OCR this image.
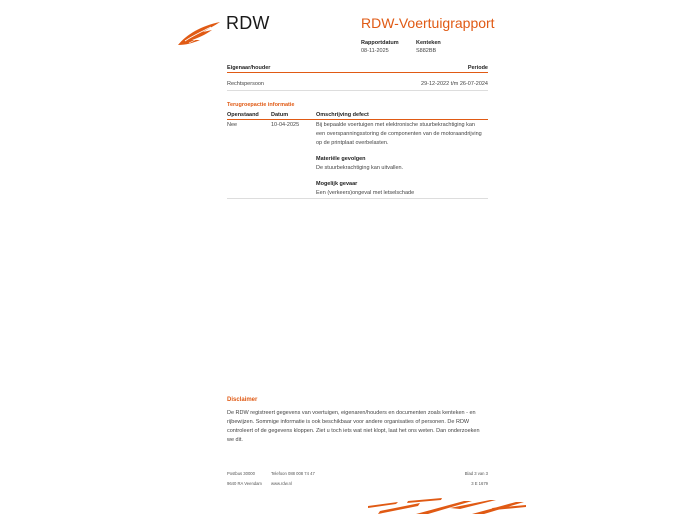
RDW	RDW-Voertuigrapport
Rapportdatum
08-11-2025
Kenteken
S882BB
Eigenaar/houder	Periode
Rechtspersoon	29-12-2022 t/m 26-07-2024
Terugroepactie informatie
Openstaand Datum	Omschrijving defect
Nee	10-04-2025	Bij bepaalde voertuigen met elektronische stuurbekrachtiging kan
een overspanningsstoring de componenten van de motoraandrijving
op de printplaat overbelasten.
Materiële gevolgen
De stuurbekrachtiging kan uitvallen.
Mogelijk gevaar
Een (verkeers)ongeval met letselschade
Disclaimer
De RDW registreert gegevens van voertuigen, eigenaren/houders en documenten zoals kenteken - en
rijbewijzen. Sommige informatie is ook beschikbaar voor andere organisaties of personen. De RDW
controleert of de gegevens kloppen. Ziet u toch iets wat niet klopt, laat het ons weten. Dan onderzoeken
we dit.
Postbus 30000
9640 RA Veendam
Telefoon 088 008 74 47
www.rdw.nl
Blad 3 van 3
3 E 1679
